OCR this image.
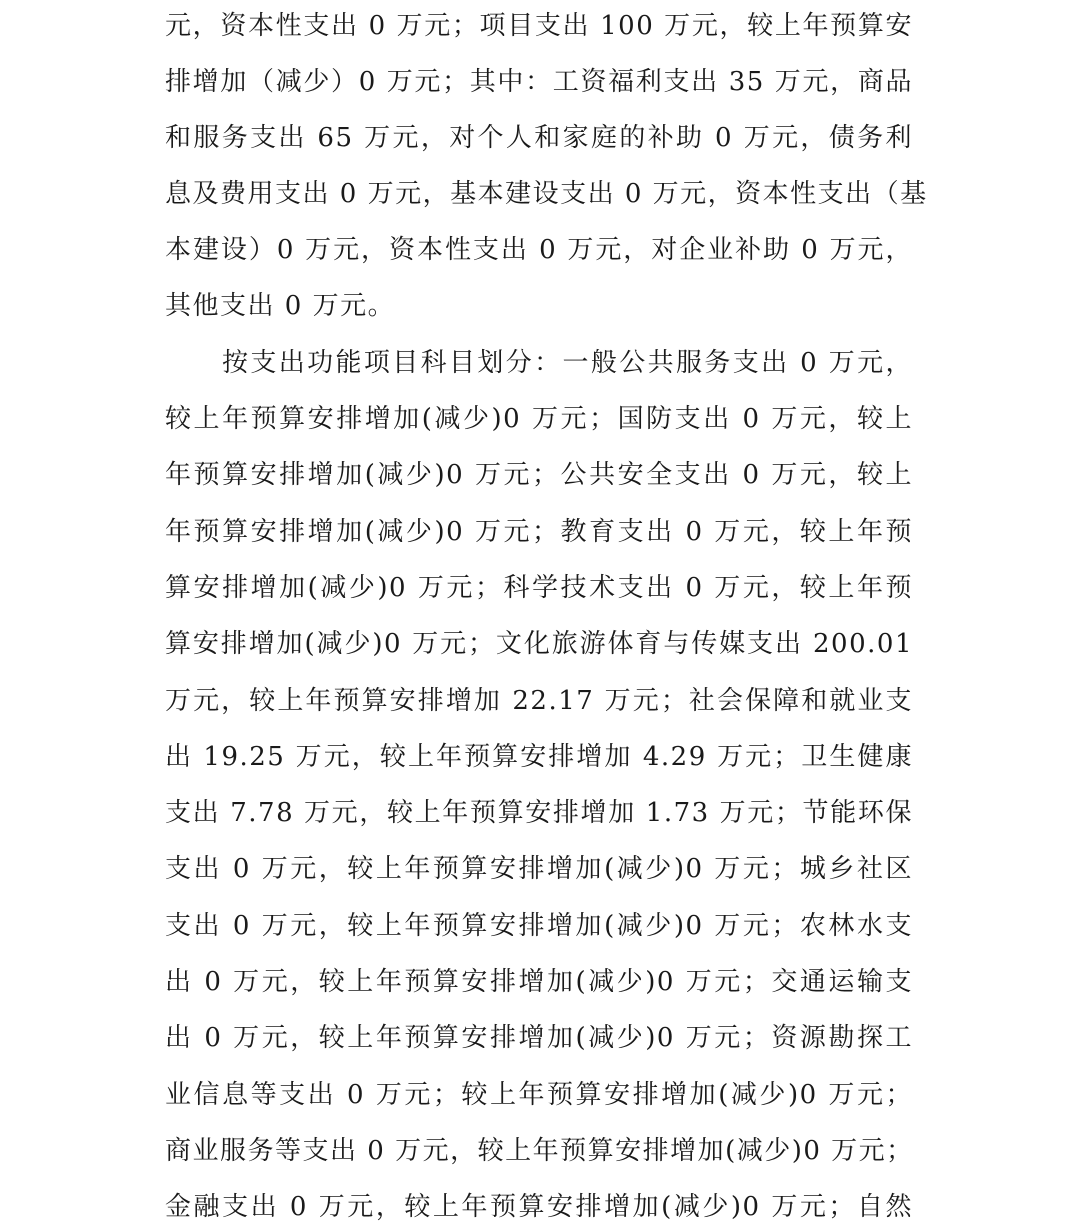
元，资本性支出 0 万元；项目支出 100 万元，较上年预算安
排增加（减少）0 万元；其中：工资福利支出 35 万元，商品
和服务支出 65 万元，对个人和家庭的补助 0 万元，债务利
息及费用支出 0 万元，基本建设支出 0 万元，资本性支出（基
本建设）0 万元，资本性支出 0 万元，对企业补助 0 万元，
其他支出 0 万元。
按支出功能项目科目划分：一般公共服务支出 0 万元，
较上年预算安排增加(减少)0 万元；国防支出 0 万元，较上
年预算安排增加(减少)0 万元；公共安全支出 0 万元，较上
年预算安排增加(减少)0 万元；教育支出 0 万元，较上年预
算安排增加(减少)0 万元；科学技术支出 0 万元，较上年预
算安排增加(减少)0 万元；文化旅游体育与传媒支出 200.01
万元，较上年预算安排增加 22.17 万元；社会保障和就业支
出 19.25 万元，较上年预算安排增加 4.29 万元；卫生健康
支出 7.78 万元，较上年预算安排增加 1.73 万元；节能环保
支出 0 万元，较上年预算安排增加(减少)0 万元；城乡社区
支出 0 万元，较上年预算安排增加(减少)0 万元；农林水支
出 0 万元，较上年预算安排增加(减少)0 万元；交通运输支
出 0 万元，较上年预算安排增加(减少)0 万元；资源勘探工
业信息等支出 0 万元；较上年预算安排增加(减少)0 万元；
商业服务等支出 0 万元，较上年预算安排增加(减少)0 万元；
金融支出 0 万元，较上年预算安排增加(减少)0 万元；自然
